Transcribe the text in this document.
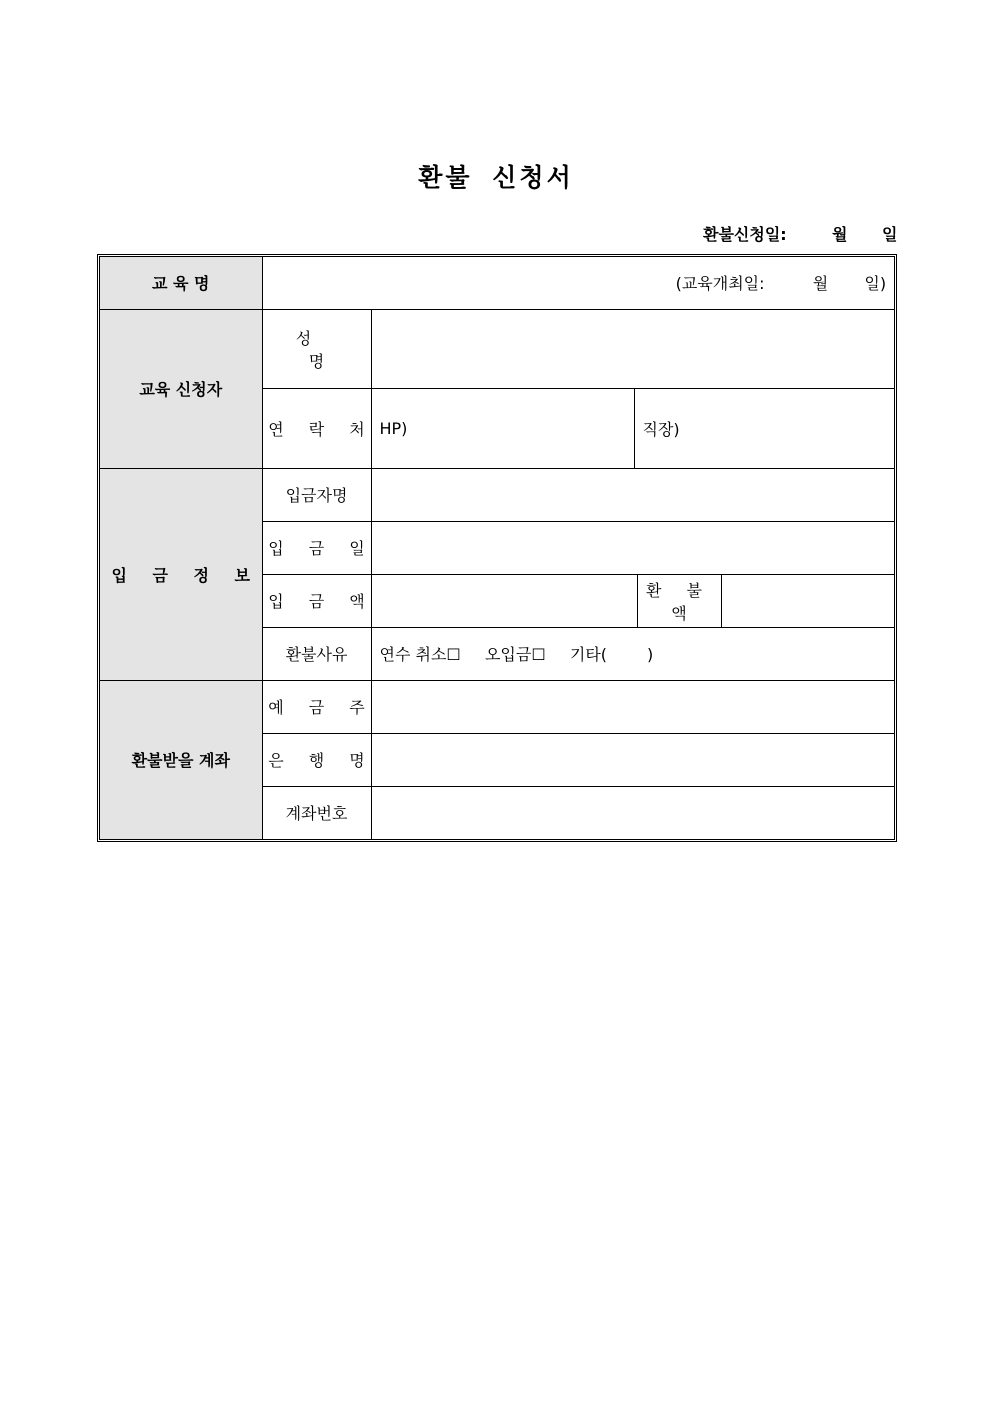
환불 신청서
환불신청일:	월 일
교 육 명	(교육개최일: 월 일)				
교육 신청자	성 명				
	연 락 처	HP)	직장)		
입 금 정 보	입금자명				
	입 금 일				
	입 금 액			환 불 액	
	환불사유	연수 취소☐ 오입금☐ 기타( )			
환불받을 계좌	예 금 주				
	은 행 명				
	계좌번호				
